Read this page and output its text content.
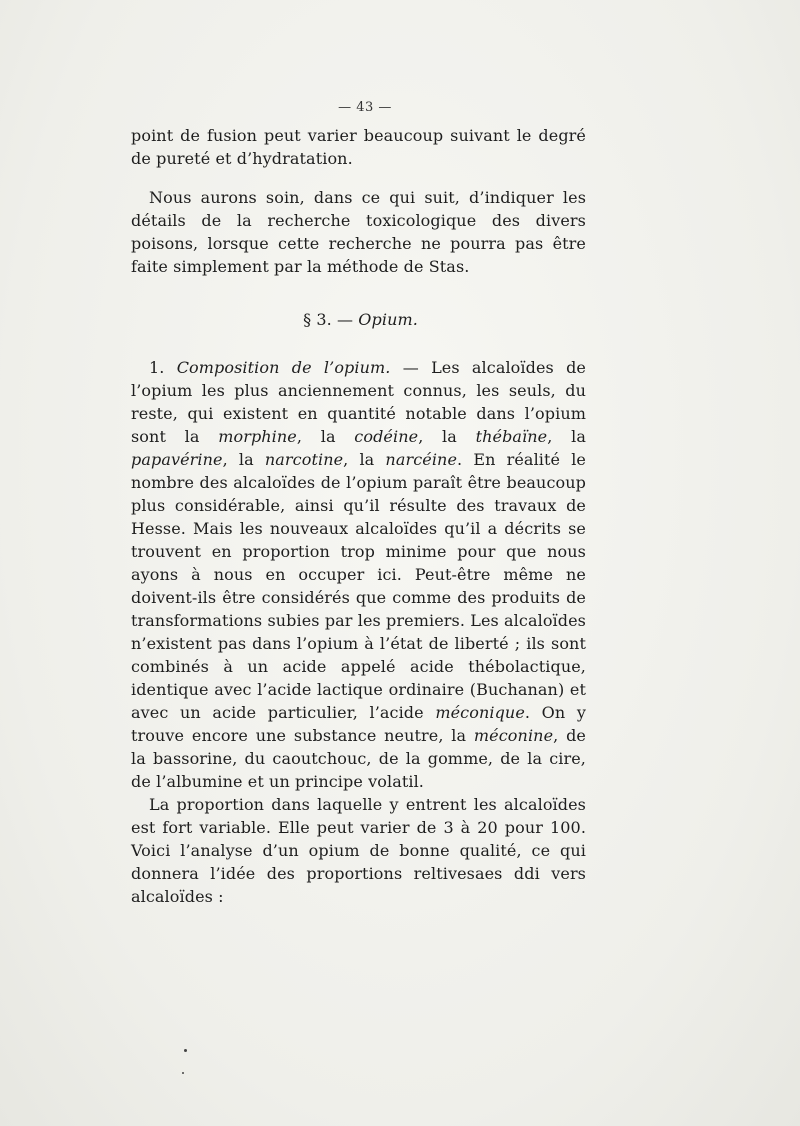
— 43 —

point de fusion peut varier beaucoup suivant le degré de pureté et d’hydratation.

Nous aurons soin, dans ce qui suit, d’indiquer les détails de la recherche toxicologique des divers poisons, lorsque cette recherche ne pourra pas être faite simplement par la méthode de Stas.

§ 3. — Opium.

1. Composition de l’opium. — Les alcaloïdes de l’opium les plus anciennement connus, les seuls, du reste, qui existent en quantité notable dans l’opium sont la morphine, la codéine, la thébaïne, la papavérine, la narcotine, la narcéine. En réalité le nombre des alcaloïdes de l’opium paraît être beaucoup plus considérable, ainsi qu’il résulte des travaux de Hesse. Mais les nouveaux alcaloïdes qu’il a décrits se trouvent en proportion trop minime pour que nous ayons à nous en occuper ici. Peut-être même ne doivent-ils être considérés que comme des produits de transformations subies par les premiers. Les alcaloïdes n’existent pas dans l’opium à l’état de liberté ; ils sont combinés à un acide appelé acide thébolactique, identique avec l’acide lactique ordinaire (Buchanan) et avec un acide particulier, l’acide méconique. On y trouve encore une substance neutre, la méconine, de la bassorine, du caoutchouc, de la gomme, de la cire, de l’albumine et un principe volatil.

La proportion dans laquelle y entrent les alcaloïdes est fort variable. Elle peut varier de 3 à 20 pour 100. Voici l’analyse d’un opium de bonne qualité, ce qui donnera l’idée des proportions reltivesaes ddi vers alcaloïdes :
